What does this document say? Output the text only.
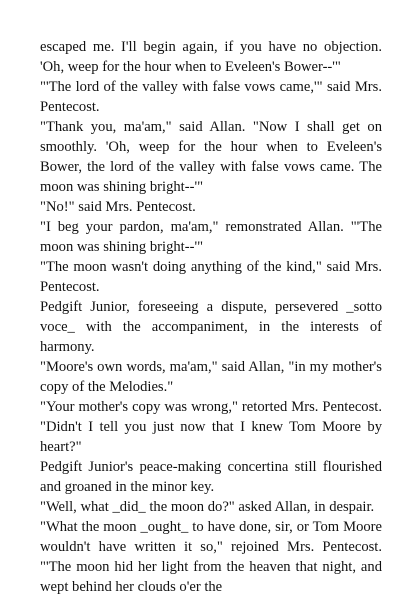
escaped me. I'll begin again, if you have no objection. 'Oh, weep for the hour when to Eveleen's Bower--'"

"'The lord of the valley with false vows came,'" said Mrs. Pentecost.

"Thank you, ma'am," said Allan. "Now I shall get on smoothly. 'Oh, weep for the hour when to Eveleen's Bower, the lord of the valley with false vows came. The moon was shining bright--'"

"No!" said Mrs. Pentecost.

"I beg your pardon, ma'am," remonstrated Allan. "'The moon was shining bright--'"

"The moon wasn't doing anything of the kind," said Mrs. Pentecost.

Pedgift Junior, foreseeing a dispute, persevered _sotto voce_ with the accompaniment, in the interests of harmony.

"Moore's own words, ma'am," said Allan, "in my mother's copy of the Melodies."

"Your mother's copy was wrong," retorted Mrs. Pentecost. "Didn't I tell you just now that I knew Tom Moore by heart?"

Pedgift Junior's peace-making concertina still flourished and groaned in the minor key.

"Well, what _did_ the moon do?" asked Allan, in despair.

"What the moon _ought_ to have done, sir, or Tom Moore wouldn't have written it so," rejoined Mrs. Pentecost. "'The moon hid her light from the heaven that night, and wept behind her clouds o'er the
